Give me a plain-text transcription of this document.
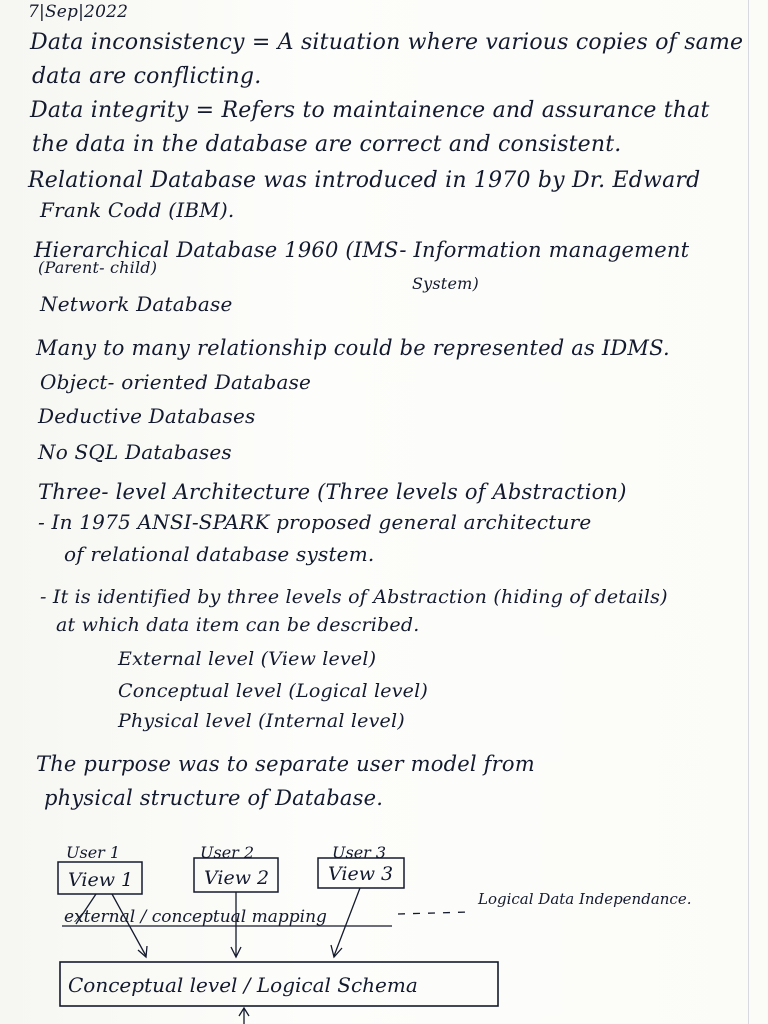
7|Sep|2022
Data inconsistency = A situation where various copies of same
data are conflicting.
Data integrity = Refers to maintainence and assurance that
the data in the database are correct and consistent.
Relational Database was introduced in 1970 by Dr. Edward
Frank Codd (IBM).
Hierarchical Database 1960 (IMS- Information management
(Parent- child)
System)
Network Database
Many to many relationship could be represented as IDMS.
Object- oriented Database
Deductive Databases
No SQL Databases
Three- level Architecture (Three levels of Abstraction)
- In 1975 ANSI-SPARK proposed general architecture
of relational database system.
- It is identified by three levels of Abstraction (hiding of details)
at which data item can be described.
External level (View level)
Conceptual level (Logical level)
Physical level (Internal level)
The purpose was to separate user model from
physical structure of Database.
User 1	User 2	User 3
View 1	View 2	View 3
external / conceptual mapping
Logical Data Independance.
Conceptual level / Logical Schema
